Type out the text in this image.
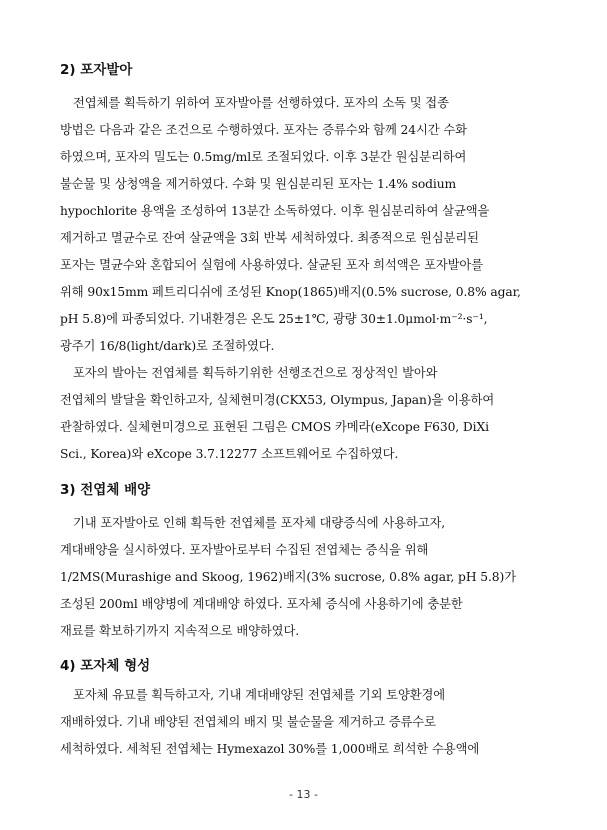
2) 포자발아
전엽체를 획득하기 위하여 포자발아를 선행하였다. 포자의 소독 및 접종
방법은 다음과 같은 조건으로 수행하였다. 포자는 증류수와 함께 24시간 수화
하였으며, 포자의 밀도는 0.5mg/ml로 조절되었다. 이후 3분간 원심분리하여
불순물 및 상청액을 제거하였다. 수화 및 원심분리된 포자는 1.4% sodium
hypochlorite 용액을 조성하여 13분간 소독하였다. 이후 원심분리하여 살균액을
제거하고 멸균수로 잔여 살균액을 3회 반복 세척하였다. 최종적으로 원심분리된
포자는 멸균수와 혼합되어 실험에 사용하였다. 살균된 포자 희석액은 포자발아를
위해 90x15mm 페트리디쉬에 조성된 Knop(1865)배지(0.5% sucrose, 0.8% agar,
pH 5.8)에 파종되었다. 기내환경은 온도 25±1℃, 광량 30±1.0μmol·m⁻²·s⁻¹,
광주기 16/8(light/dark)로 조절하였다.
포자의 발아는 전엽체를 획득하기위한 선행조건으로 정상적인 발아와
전엽체의 발달을 확인하고자, 실체현미경(CKX53, Olympus, Japan)을 이용하여
관찰하였다. 실체현미경으로 표현된 그림은 CMOS 카메라(eXcope F630, DiXi
Sci., Korea)와 eXcope 3.7.12277 소프트웨어로 수집하였다.
3) 전엽체 배양
기내 포자발아로 인해 획득한 전엽체를 포자체 대량증식에 사용하고자,
계대배양을 실시하였다. 포자발아로부터 수집된 전엽체는 증식을 위해
1/2MS(Murashige and Skoog, 1962)배지(3% sucrose, 0.8% agar, pH 5.8)가
조성된 200ml 배양병에 계대배양 하였다. 포자체 증식에 사용하기에 충분한
재료를 확보하기까지 지속적으로 배양하였다.
4) 포자체 형성
포자체 유묘를 획득하고자, 기내 계대배양된 전엽체를 기외 토양환경에
재배하였다. 기내 배양된 전엽체의 배지 및 불순물을 제거하고 증류수로
세척하였다. 세척된 전엽체는 Hymexazol 30%를 1,000배로 희석한 수용액에
- 13 -
